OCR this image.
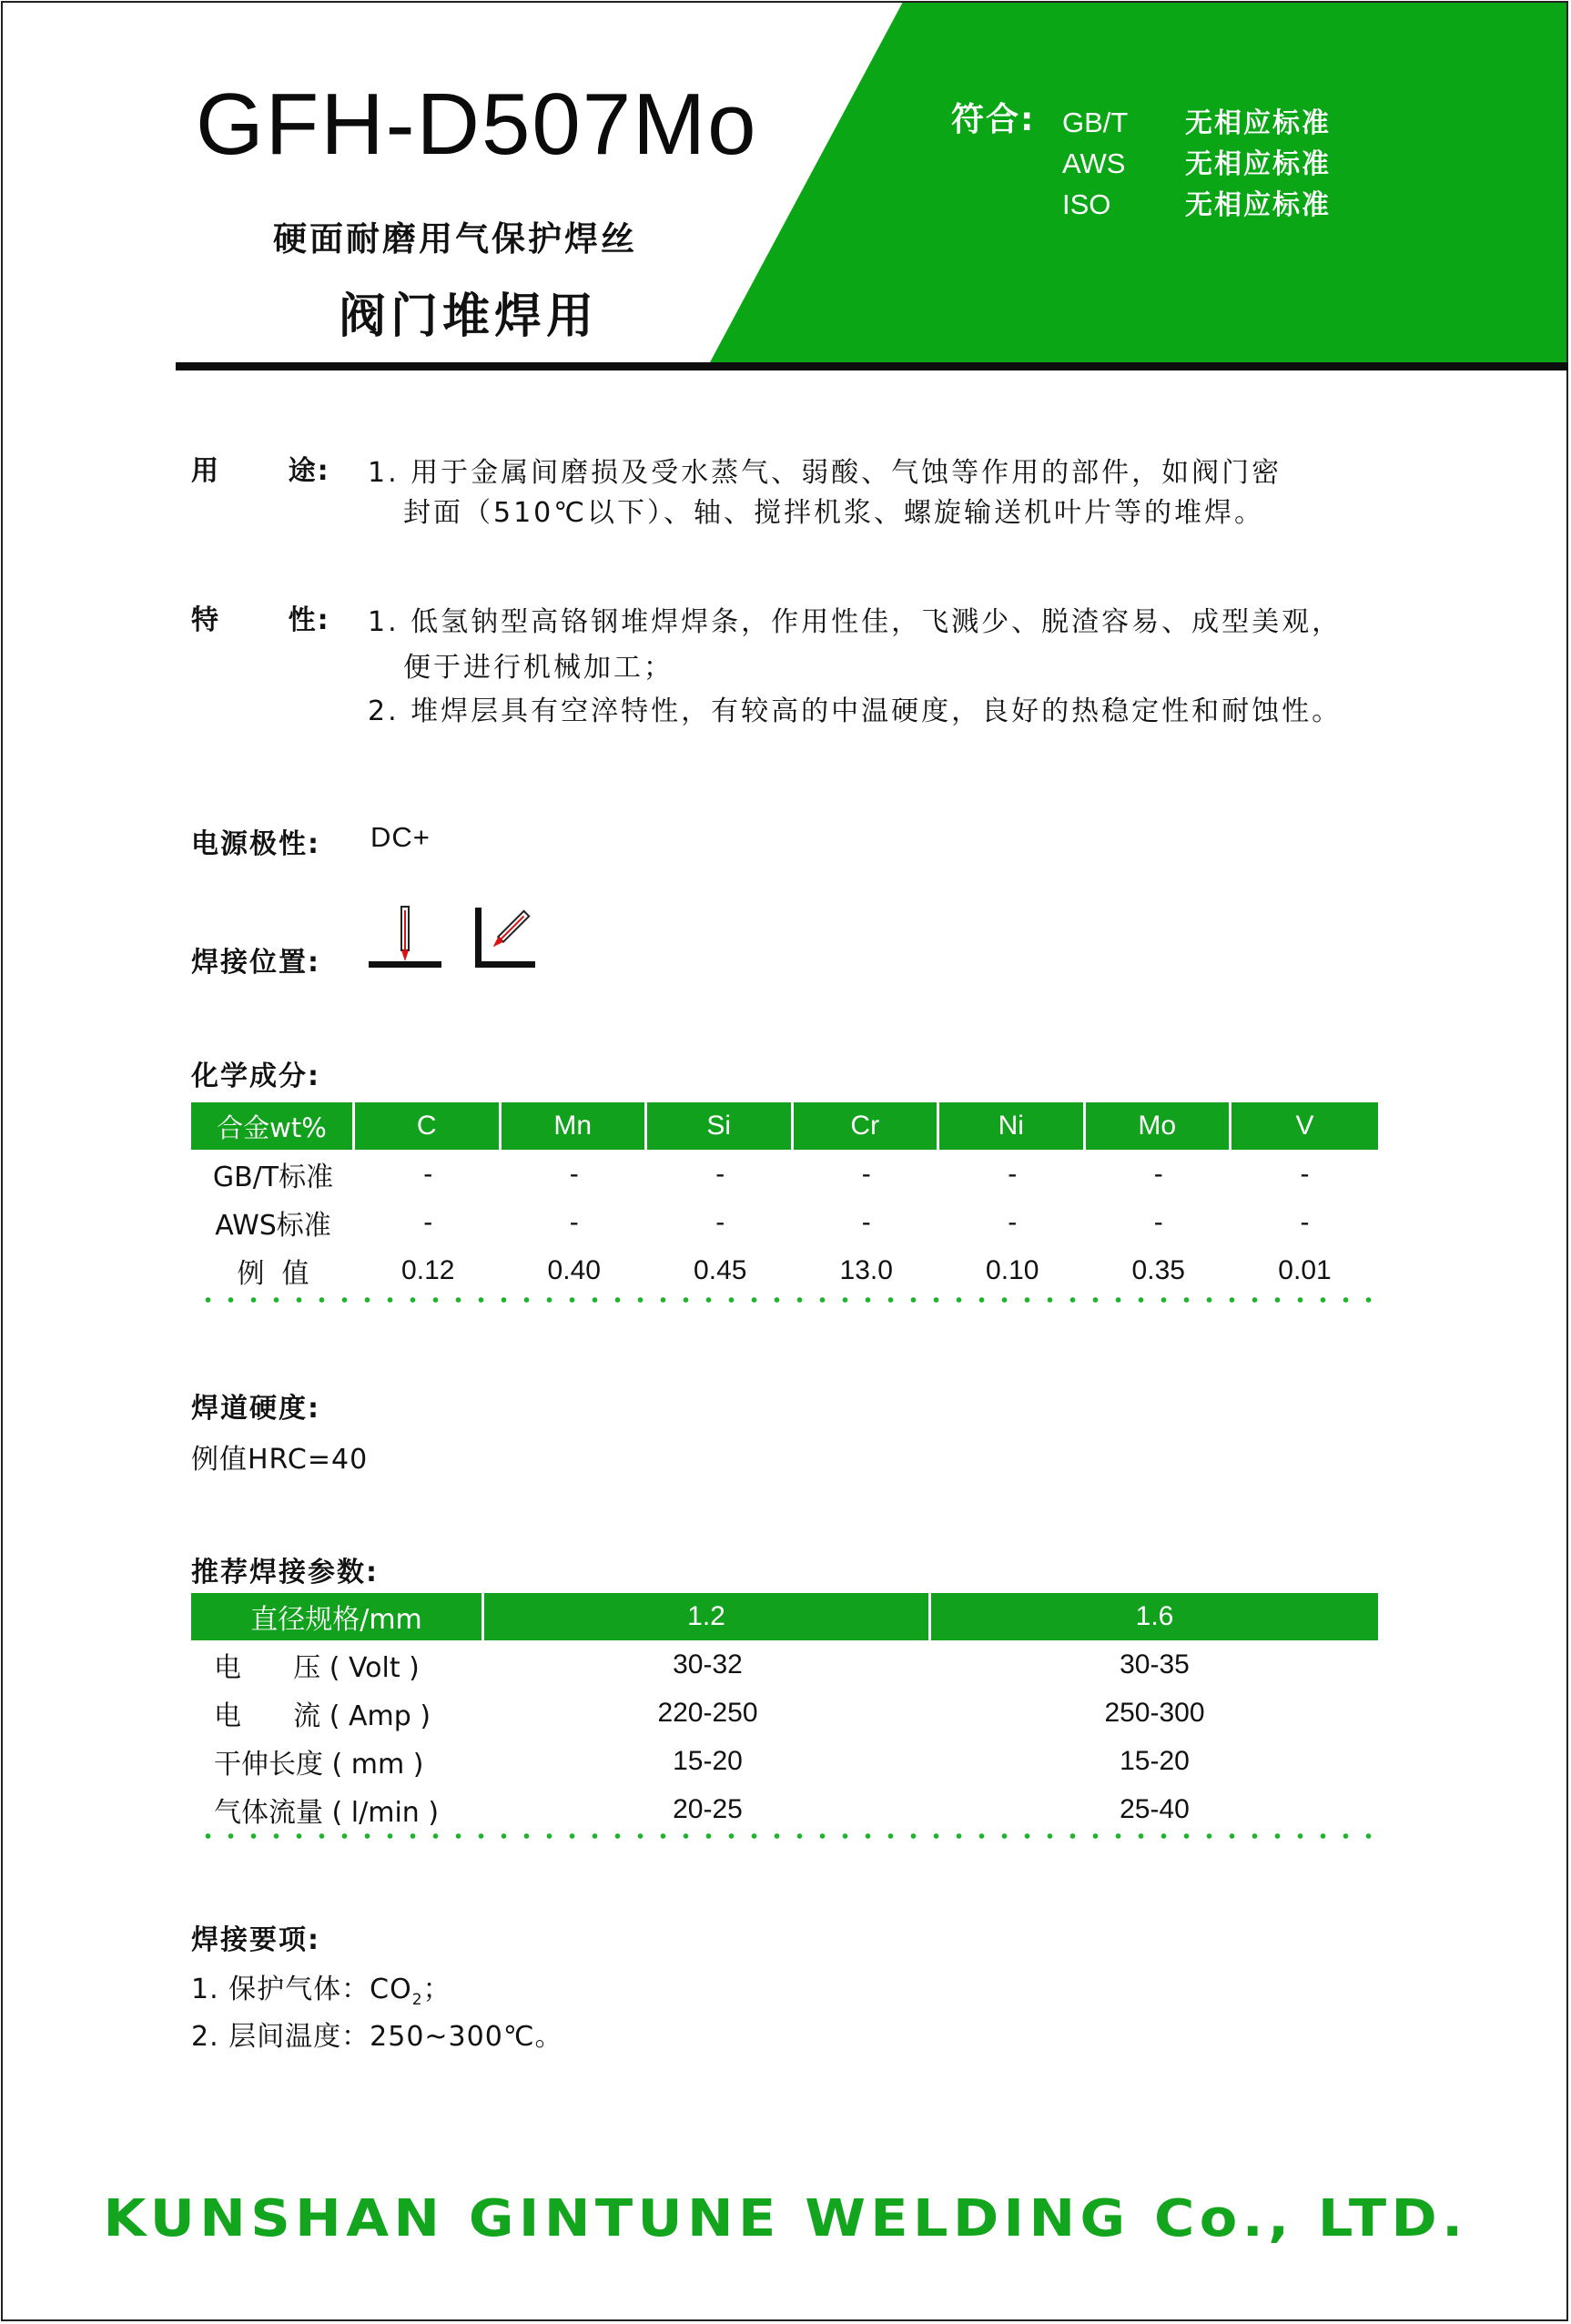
GFH-D507Mo
硬面耐磨用气保护焊丝
阀门堆焊用
符合: GB/T 无相应标准
AWS 无相应标准
ISO	无相应标准
用      途: 1. 用于金属间磨损及受水蒸气、弱酸、气蚀等作用的部件，如阀门密
封面（510℃以下）、轴、搅拌机浆、螺旋输送机叶片等的堆焊。
特      性: 1. 低氢钠型高铬钢堆焊焊条，作用性佳，飞溅少、脱渣容易、成型美观，
便于进行机械加工；
2. 堆焊层具有空淬特性，有较高的中温硬度，良好的热稳定性和耐蚀性。
电源极性: DC+
焊接位置:
化学成分:
合金wt%	C	Mn	Si	Cr	Ni	Mo	V
GB/T标准	-	-	-	-	-	-	-
AWS标准	-	-	-	-	-	-	-
例  值	0.12	0.40	0.45	13.0	0.10	0.35	0.01
焊道硬度:
例值HRC=40
推荐焊接参数:
直径规格/mm	1.2	1.6
电      压 ( Volt )	30-32	30-35
电      流 ( Amp )	220-250	250-300
干伸长度 ( mm )	15-20	15-20
气体流量 ( l/min )	20-25	25-40
焊接要项:
1. 保护气体：$CO_2$；
2. 层间温度：250~300℃。
KUNSHAN GINTUNE WELDING Co., LTD.
